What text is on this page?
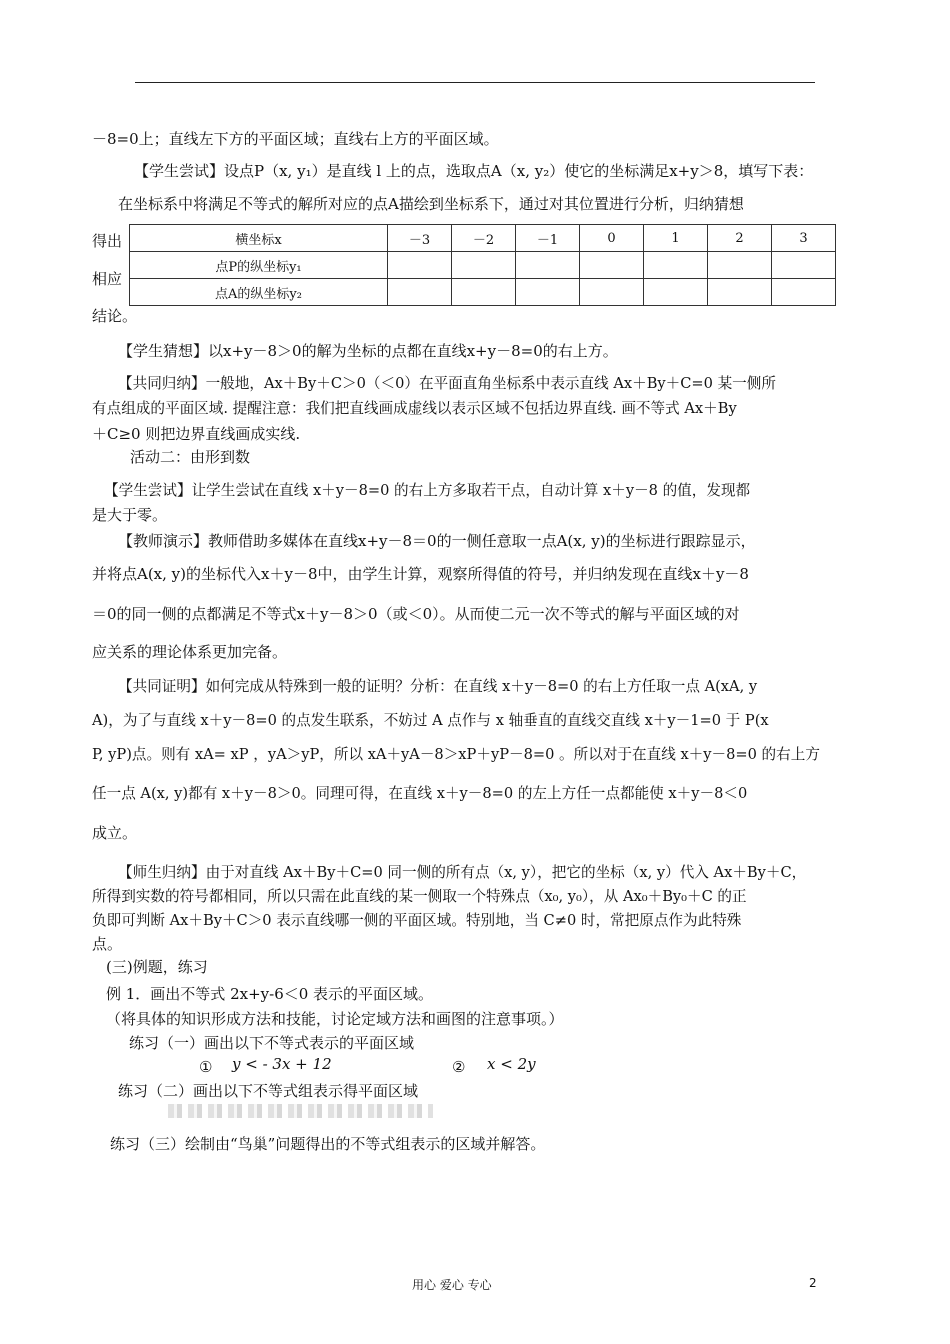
－8=0上；直线左下方的平面区域；直线右上方的平面区域。
【学生尝试】设点P（x, y₁）是直线 l 上的点，选取点A（x, y₂）使它的坐标满足x+y＞8，填写下表：
在坐标系中将满足不等式的解所对应的点A描绘到坐标系下，通过对其位置进行分析，归纳猜想
得出
相应
结论。
横坐标x	－3	－2	－1	0	1	2	3
点P的纵坐标y₁							
点A的纵坐标y₂							
【学生猜想】以x+y－8＞0的解为坐标的点都在直线x+y－8=0的右上方。
【共同归纳】一般地，Ax＋By＋C＞0（＜0）在平面直角坐标系中表示直线 Ax＋By＋C=0 某一侧所
有点组成的平面区域. 提醒注意：我们把直线画成虚线以表示区域不包括边界直线. 画不等式 Ax＋By
＋C≥0 则把边界直线画成实线.
活动二：由形到数
【学生尝试】让学生尝试在直线 x＋y－8=0 的右上方多取若干点，自动计算 x＋y－8 的值，发现都
是大于零。
【教师演示】教师借助多媒体在直线x+y－8＝0的一侧任意取一点A(x, y)的坐标进行跟踪显示，
并将点A(x, y)的坐标代入x＋y－8中，由学生计算，观察所得值的符号，并归纳发现在直线x＋y－8
＝0的同一侧的点都满足不等式x＋y－8＞0（或＜0）。从而使二元一次不等式的解与平面区域的对
应关系的理论体系更加完备。
【共同证明】如何完成从特殊到一般的证明？分析：在直线 x＋y－8=0 的右上方任取一点 A(xA, y
A)，为了与直线 x＋y－8=0 的点发生联系，不妨过 A 点作与 x 轴垂直的直线交直线 x＋y－1=0 于 P(x
P, yP)点。则有 xA= xP ，yA＞yP，所以 xA＋yA－8＞xP＋yP－8=0 。所以对于在直线 x＋y－8=0 的右上方
任一点 A(x, y)都有 x＋y－8＞0。同理可得，在直线 x＋y－8=0 的左上方任一点都能使 x＋y－8＜0
成立。
【师生归纳】由于对直线 Ax＋By＋C=0 同一侧的所有点（x, y），把它的坐标（x, y）代入 Ax＋By＋C，
所得到实数的符号都相同，所以只需在此直线的某一侧取一个特殊点（x₀, y₀），从 Ax₀＋By₀＋C 的正
负即可判断 Ax＋By＋C＞0 表示直线哪一侧的平面区域。特别地，当 C≠0 时，常把原点作为此特殊
点。
(三)例题，练习
例 1．画出不等式 2x+y-6＜0 表示的平面区域。
（将具体的知识形成方法和技能，讨论定域方法和画图的注意事项。）
练习（一）画出以下不等式表示的平面区域
① y < - 3x + 12	② x < 2y
练习（二）画出以下不等式组表示得平面区域
练习（三）绘制由“鸟巢”问题得出的不等式组表示的区域并解答。
用心 爱心 专心	2
